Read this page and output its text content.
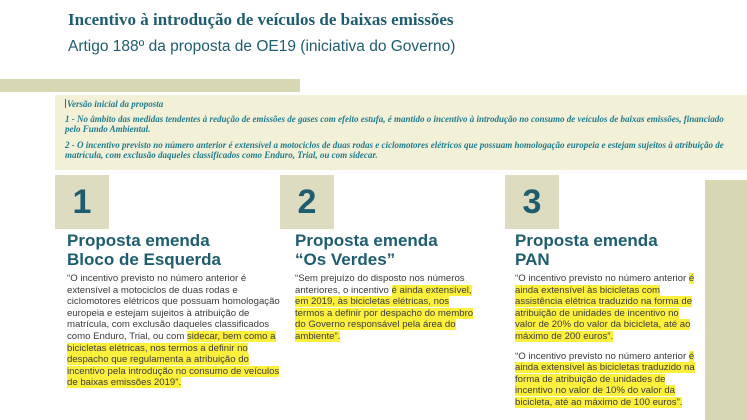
Incentivo à introdução de veículos de baixas emissões

Artigo 188º da proposta de OE19 (iniciativa do Governo)

Versão inicial da proposta

1 - No âmbito das medidas tendentes à redução de emissões de gases com efeito estufa, é mantido o incentivo à introdução no consumo de veículos de baixas emissões, financiado pelo Fundo Ambiental.

2 - O incentivo previsto no número anterior é extensível a motociclos de duas rodas e ciclomotores elétricos que possuam homologação europeia e estejam sujeitos à atribuição de matrícula, com exclusão daqueles classificados como Enduro, Trial, ou com sidecar.

1
Proposta emenda
Bloco de Esquerda

“O incentivo previsto no número anterior é extensível a motociclos de duas rodas e ciclomotores elétricos que possuam homologação europeia e estejam sujeitos à atribuição de matrícula, com exclusão daqueles classificados como Enduro, Trial, ou com sidecar, bem como a bicicletas elétricas, nos termos a definir no despacho que regulamenta a atribuição do incentivo pela introdução no consumo de veículos de baixas emissões 2019”.

2
Proposta emenda
“Os Verdes”

“Sem prejuízo do disposto nos números anteriores, o incentivo é ainda extensível, em 2019, às bicicletas elétricas, nos termos a definir por despacho do membro do Governo responsável pela área do ambiente”.

3
Proposta emenda
PAN

“O incentivo previsto no número anterior é ainda extensível às bicicletas com assistência elétrica traduzido na forma de atribuição de unidades de incentivo no valor de 20% do valor da bicicleta, até ao máximo de 200 euros”.

“O incentivo previsto no número anterior é ainda extensível às bicicletas traduzido na forma de atribuição de unidades de incentivo no valor de 10% do valor da bicicleta, até ao máximo de 100 euros”.
